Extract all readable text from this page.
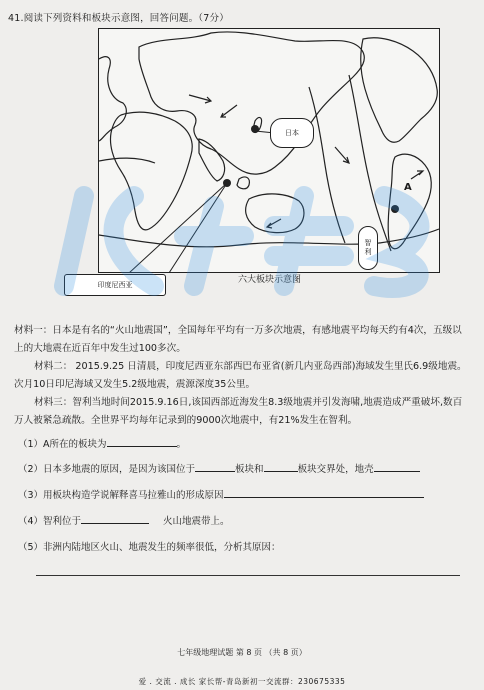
41.阅读下列资料和板块示意图，回答问题。（7分）
日本
智利
印度尼西亚
A
六大板块示意图
材料一：日本是有名的“火山地震国”，全国每年平均有一万多次地震，有感地震平均每天约有4次，五级以上的大地震在近百年中发生过100多次。
材料二： 2015.9.25 日清晨，印度尼西亚东部西巴布亚省(新几内亚岛西部)海域发生里氏6.9级地震。次月10日印尼海域又发生5.2级地震，震源深度35公里。
材料三：智利当地时间2015.9.16日,该国西部近海发生8.3级地震并引发海啸,地震造成严重破坏,数百万人被紧急疏散。全世界平均每年记录到的9000次地震中，有21%发生在智利。
（1）A所在的板块为	。
（2）日本多地震的原因，是因为该国位于	板块和	板块交界处，地壳
（3）用板块构造学说解释喜马拉雅山的形成原因
（4）智利位于	火山地震带上。
（5）非洲内陆地区火山、地震发生的频率很低，分析其原因：
七年级地理试题 第 8 页 （共 8 页）
爱 . 交流 . 成长 家长帮-青岛新初一交流群：230675335
